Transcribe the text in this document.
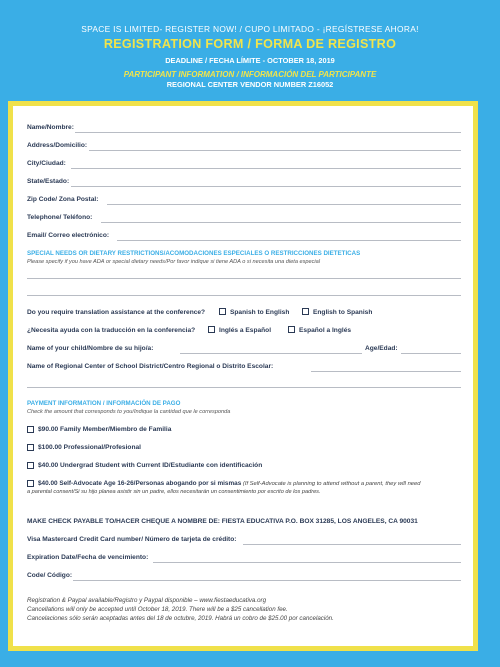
SPACE IS LIMITED- REGISTER NOW! / CUPO LIMITADO - ¡REGÍSTRESE AHORA!
REGISTRATION FORM / FORMA DE REGISTRO
DEADLINE / FECHA LÍMITE - OCTOBER 18, 2019
PARTICIPANT INFORMATION / INFORMACIÓN DEL PARTICIPANTE
REGIONAL CENTER VENDOR NUMBER Z16052
Name/Nombre:
Address/Domicilio:
City/Ciudad:
State/Estado:
Zip Code/ Zona Postal:
Telephone/ Teléfono:
Email/ Correo electrónico:
SPECIAL NEEDS OR DIETARY RESTRICTIONS/ACOMODACIONES ESPECIALES O RESTRICCIONES DIETETICAS
Please specify if you have ADA or special dietary needs/Por favor indique si tiene ADA o si necesita una dieta especial
Do you require translation assistance at the conference?	Spanish to English	English to Spanish
¿Necesita ayuda con la traducción en la conferencia?	Inglés a Español	Español a Inglés
Name of your child/Nombre de su hijo/a:	Age/Edad:
Name of Regional Center of School District/Centro Regional o Distrito Escolar:
PAYMENT INFORMATION / INFORMACIÓN DE PAGO
Check the amount that corresponds to you/Indique la cantidad que le corresponda
$90.00 Family Member/Miembro de Familia
$100.00 Professional/Profesional
$40.00 Undergrad Student with Current ID/Estudiante con identificación
$40.00 Self-Advocate Age 16-26/Personas abogando por si mismas (If Self-Advocate is planning to attend without a parent, they will need
a parental consent/Si su hijo planea asistir sin un padre, ellos necesitarán un consentimiento por escrito de los padres.
MAKE CHECK PAYABLE TO/HACER CHEQUE A NOMBRE DE: FIESTA EDUCATIVA P.O. BOX 31285, LOS ANGELES, CA 90031
Visa Mastercard Credit Card number/ Número de tarjeta de crédito:
Expiration Date/Fecha de vencimiento:
Code/ Código:
Registration & Paypal available/Registro y Paypal disponible – www.fiestaeducativa.org
Cancellations will only be accepted until October 18, 2019. There will be a $25 cancellation fee.
Cancelaciones sólo serán aceptadas antes del 18 de octubre, 2019. Habrá un cobro de $25.00 por cancelación.
